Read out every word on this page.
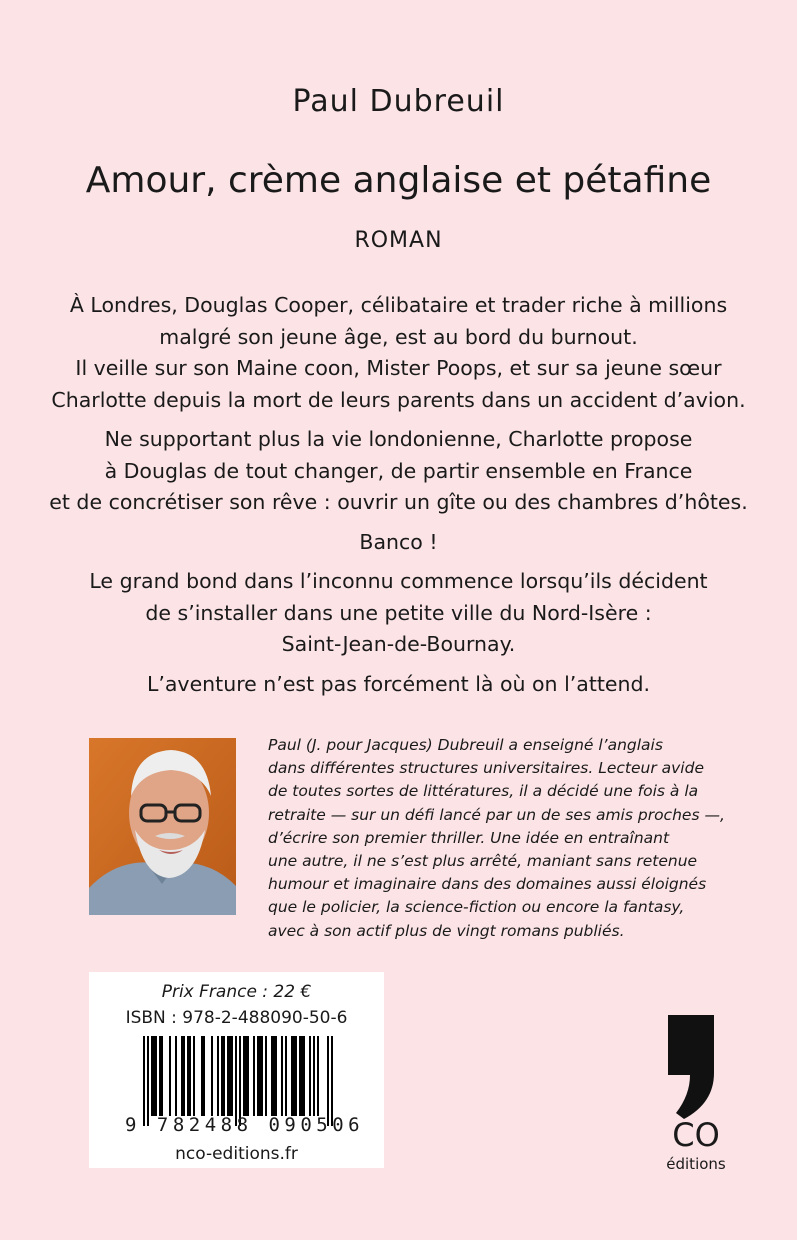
Paul Dubreuil
Amour, crème anglaise et pétafine
ROMAN

À Londres, Douglas Cooper, célibataire et trader riche à millions
malgré son jeune âge, est au bord du burnout.
Il veille sur son Maine coon, Mister Poops, et sur sa jeune sœur
Charlotte depuis la mort de leurs parents dans un accident d’avion.

Ne supportant plus la vie londonienne, Charlotte propose
à Douglas de tout changer, de partir ensemble en France
et de concrétiser son rêve : ouvrir un gîte ou des chambres d’hôtes.

Banco !

Le grand bond dans l’inconnu commence lorsqu’ils décident
de s’installer dans une petite ville du Nord-Isère :
Saint-Jean-de-Bournay.

L’aventure n’est pas forcément là où on l’attend.

Paul (J. pour Jacques) Dubreuil a enseigné l’anglais
dans différentes structures universitaires. Lecteur avide
de toutes sortes de littératures, il a décidé une fois à la
retraite — sur un défi lancé par un de ses amis proches —,
d’écrire son premier thriller. Une idée en entraînant
une autre, il ne s’est plus arrêté, maniant sans retenue
humour et imaginaire dans des domaines aussi éloignés
que le policier, la science-fiction ou encore la fantasy,
avec à son actif plus de vingt romans publiés.
Prix France : 22 €
ISBN : 978-2-488090-50-6
9 782488 090506
nco-editions.fr	CO
éditions
